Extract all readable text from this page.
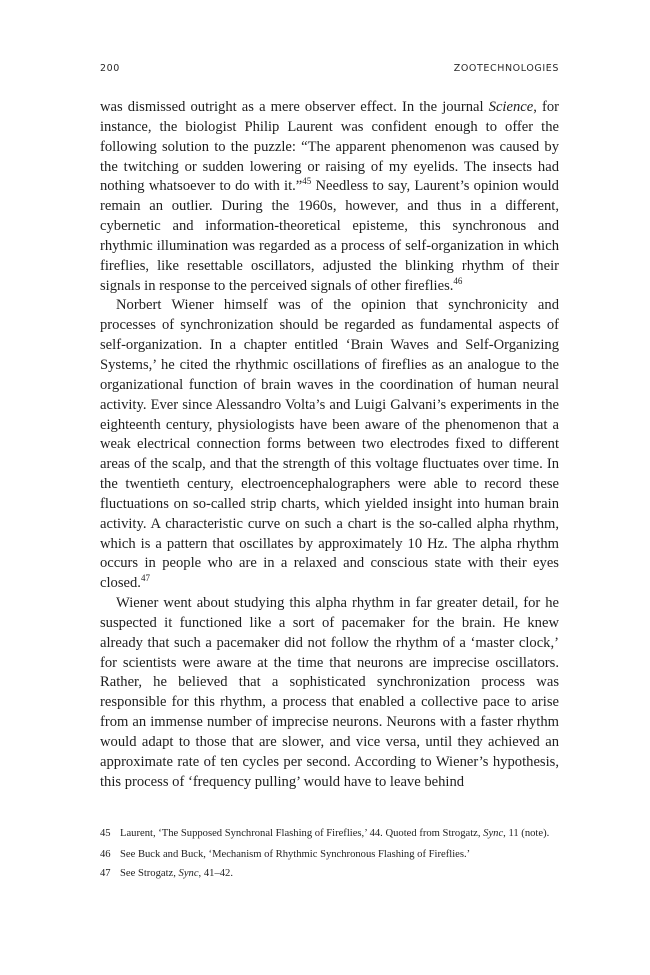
200	ZOOTECHNOLOGIES

was dismissed outright as a mere observer effect. In the journal Science, for instance, the biologist Philip Laurent was confident enough to offer the following solution to the puzzle: “The apparent phenomenon was caused by the twitching or sudden lowering or raising of my eyelids. The insects had nothing whatsoever to do with it.”$^{45}$ Needless to say, Laurent’s opinion would remain an outlier. During the 1960s, however, and thus in a different, cybernetic and information-theoretical episteme, this synchronous and rhythmic illumination was regarded as a process of self-organization in which fireflies, like resettable oscillators, adjusted the blinking rhythm of their signals in response to the perceived signals of other fireflies.$^{46}$

Norbert Wiener himself was of the opinion that synchronicity and processes of synchronization should be regarded as fundamental aspects of self-organization. In a chapter entitled ‘Brain Waves and Self-Organizing Systems,’ he cited the rhythmic oscillations of fireflies as an analogue to the organizational function of brain waves in the coordination of human neural activity. Ever since Alessandro Volta’s and Luigi Galvani’s experiments in the eighteenth century, physiologists have been aware of the phenomenon that a weak electrical connection forms between two electrodes fixed to different areas of the scalp, and that the strength of this voltage fluctuates over time. In the twentieth century, electroencephalographers were able to record these fluctuations on so-called strip charts, which yielded insight into human brain activity. A characteristic curve on such a chart is the so-called alpha rhythm, which is a pattern that oscillates by approximately 10 Hz. The alpha rhythm occurs in people who are in a relaxed and conscious state with their eyes closed.$^{47}$

Wiener went about studying this alpha rhythm in far greater detail, for he suspected it functioned like a sort of pacemaker for the brain. He knew already that such a pacemaker did not follow the rhythm of a ‘master clock,’ for scientists were aware at the time that neurons are imprecise oscillators. Rather, he believed that a sophisticated synchronization process was responsible for this rhythm, a process that enabled a collective pace to arise from an immense number of imprecise neurons. Neurons with a faster rhythm would adapt to those that are slower, and vice versa, until they achieved an approximate rate of ten cycles per second. According to Wiener’s hypothesis, this process of ‘frequency pulling’ would have to leave behind

45 Laurent, ‘The Supposed Synchronal Flashing of Fireflies,’ 44. Quoted from Strogatz, Sync, 11 (note).

46 See Buck and Buck, ‘Mechanism of Rhythmic Synchronous Flashing of Fireflies.’

47 See Strogatz, Sync, 41–42.
